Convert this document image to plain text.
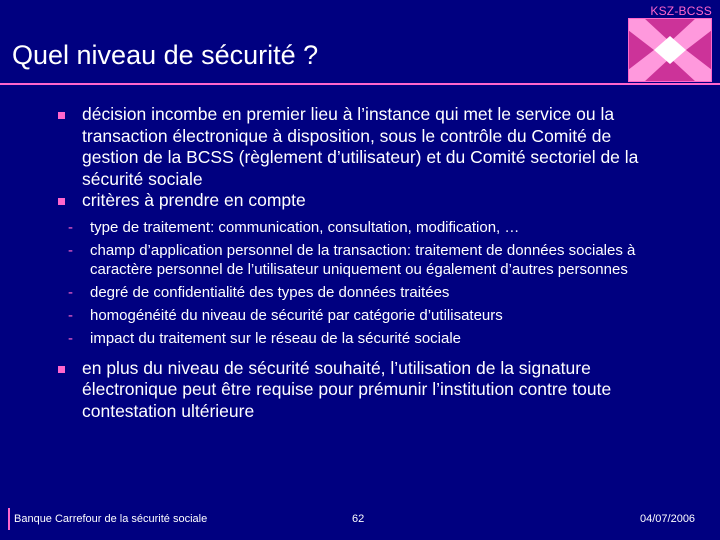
KSZ-BCSS
Quel niveau de sécurité ?
décision incombe en premier lieu à l’instance qui met le service ou la transaction électronique à disposition, sous le contrôle du Comité de gestion de la BCSS (règlement d’utilisateur) et du Comité sectoriel de la sécurité sociale
critères à prendre en compte
- type de traitement: communication, consultation, modification, …
- champ d’application personnel de la transaction: traitement de données sociales à caractère personnel de l’utilisateur uniquement ou également d’autres personnes
- degré de confidentialité des types de données traitées
- homogénéité du niveau de sécurité par catégorie d’utilisateurs
- impact du traitement sur le réseau de la sécurité sociale
en plus du niveau de sécurité souhaité, l’utilisation de la signature électronique peut être requise pour prémunir l’institution contre toute contestation ultérieure
Banque Carrefour de la sécurité sociale	62	04/07/2006
